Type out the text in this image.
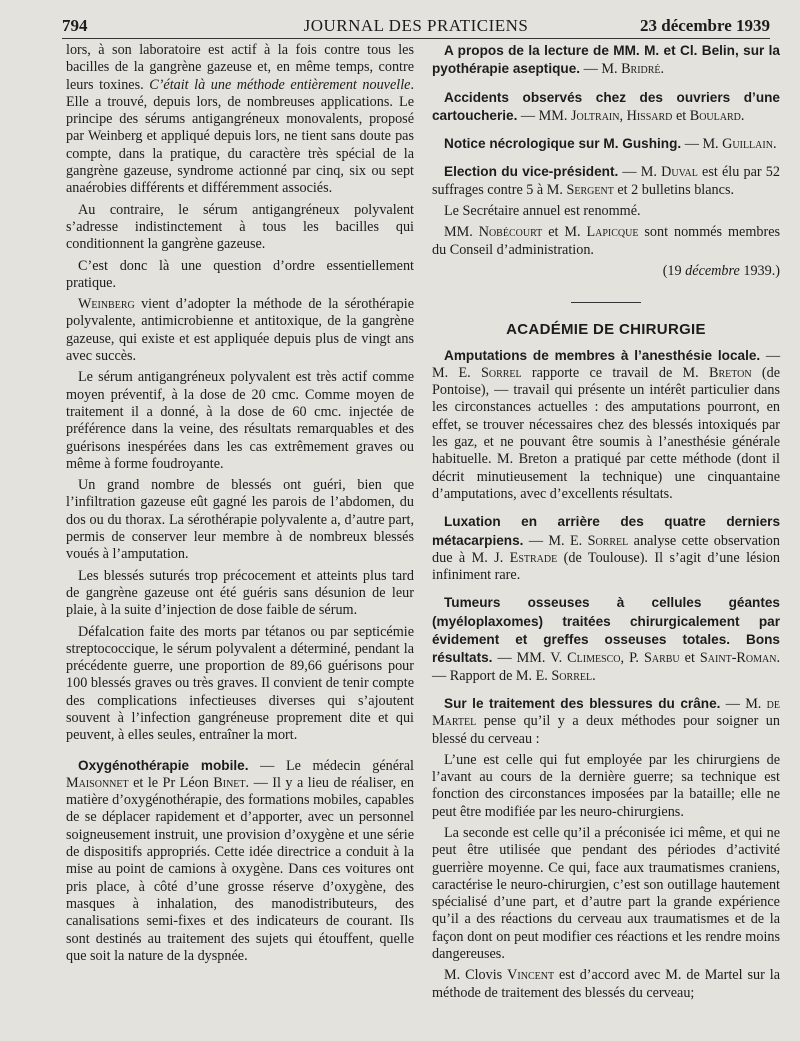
794	JOURNAL DES PRATICIENS	23 décembre 1939

lors, à son laboratoire est actif à la fois contre tous les bacilles de la gangrène gazeuse et, en même temps, contre leurs toxines. C’était là une méthode entièrement nouvelle. Elle a trouvé, depuis lors, de nombreuses applications. Le principe des sérums antigangréneux monovalents, proposé par Weinberg et appliqué depuis lors, ne tient sans doute pas compte, dans la pratique, du caractère très spécial de la gangrène gazeuse, syndrome actionné par cinq, six ou sept anaérobies différents et différemment associés.

Au contraire, le sérum antigangréneux polyvalent s’adresse indistinctement à tous les bacilles qui conditionnent la gangrène gazeuse.

C’est donc là une question d’ordre essentiellement pratique.

Weinberg vient d’adopter la méthode de la sérothérapie polyvalente, antimicrobienne et antitoxique, de la gangrène gazeuse, qui existe et est appliquée depuis plus de vingt ans avec succès.

Le sérum antigangréneux polyvalent est très actif comme moyen préventif, à la dose de 20 cmc. Comme moyen de traitement il a donné, à la dose de 60 cmc. injectée de préférence dans la veine, des résultats remarquables et des guérisons inespérées dans les cas extrêmement graves ou même à forme foudroyante.

Un grand nombre de blessés ont guéri, bien que l’infiltration gazeuse eût gagné les parois de l’abdomen, du dos ou du thorax. La sérothérapie polyvalente a, d’autre part, permis de conserver leur membre à de nombreux blessés voués à l’amputation.

Les blessés suturés trop précocement et atteints plus tard de gangrène gazeuse ont été guéris sans désunion de leur plaie, à la suite d’injection de dose faible de sérum.

Défalcation faite des morts par tétanos ou par septicémie streptococcique, le sérum polyvalent a déterminé, pendant la précédente guerre, une proportion de 89,66 guérisons pour 100 blessés graves ou très graves. Il convient de tenir compte des complications infectieuses diverses qui s’ajoutent souvent à l’infection gangréneuse proprement dite et qui peuvent, à elles seules, entraîner la mort.

Oxygénothérapie mobile. — Le médecin général Maisonnet et le Pr Léon Binet. — Il y a lieu de réaliser, en matière d’oxygénothérapie, des formations mobiles, capables de se déplacer rapidement et d’apporter, avec un personnel soigneusement instruit, une provision d’oxygène et une série de dispositifs appropriés. Cette idée directrice a conduit à la mise au point de camions à oxygène. Dans ces voitures ont pris place, à côté d’une grosse réserve d’oxygène, des masques à inhalation, des manodistributeurs, des canalisations semi-fixes et des indicateurs de courant. Ils sont destinés au traitement des sujets qui étouffent, quelle que soit la nature de la dyspnée.

A propos de la lecture de MM. M. et Cl. Belin, sur la pyothérapie aseptique. — M. Bridré.

Accidents observés chez des ouvriers d’une cartoucherie. — MM. Joltrain, Hissard et Boulard.

Notice nécrologique sur M. Gushing. — M. Guillain.

Election du vice-président. — M. Duval est élu par 52 suffrages contre 5 à M. Sergent et 2 bulletins blancs.

Le Secrétaire annuel est renommé.

MM. Nobécourt et M. Lapicque sont nommés membres du Conseil d’administration.

(19 décembre 1939.)

ACADÉMIE DE CHIRURGIE

Amputations de membres à l’anesthésie locale. — M. E. Sorrel rapporte ce travail de M. Breton (de Pontoise), — travail qui présente un intérêt particulier dans les circonstances actuelles : des amputations pourront, en effet, se trouver nécessaires chez des blessés intoxiqués par les gaz, et ne pouvant être soumis à l’anesthésie générale habituelle. M. Breton a pratiqué par cette méthode (dont il décrit minutieusement la technique) une cinquantaine d’amputations, avec d’excellents résultats.

Luxation en arrière des quatre derniers métacarpiens. — M. E. Sorrel analyse cette observation due à M. J. Estrade (de Toulouse). Il s’agit d’une lésion infiniment rare.

Tumeurs osseuses à cellules géantes (myéloplaxomes) traitées chirurgicalement par évidement et greffes osseuses totales. Bons résultats. — MM. V. Climesco, P. Sarbu et Saint-Roman. — Rapport de M. E. Sorrel.

Sur le traitement des blessures du crâne. — M. de Martel pense qu’il y a deux méthodes pour soigner un blessé du cerveau :

L’une est celle qui fut employée par les chirurgiens de l’avant au cours de la dernière guerre; sa technique est fonction des circonstances imposées par la bataille; elle ne peut être modifiée par les neuro-chirurgiens.

La seconde est celle qu’il a préconisée ici même, et qui ne peut être utilisée que pendant des périodes d’activité guerrière moyenne. Ce qui, face aux traumatismes craniens, caractérise le neuro-chirurgien, c’est son outillage hautement spécialisé d’une part, et d’autre part la grande expérience qu’il a des réactions du cerveau aux traumatismes et de la façon dont on peut modifier ces réactions et les rendre moins dangereuses.

M. Clovis Vincent est d’accord avec M. de Martel sur la méthode de traitement des blessés du cerveau;
